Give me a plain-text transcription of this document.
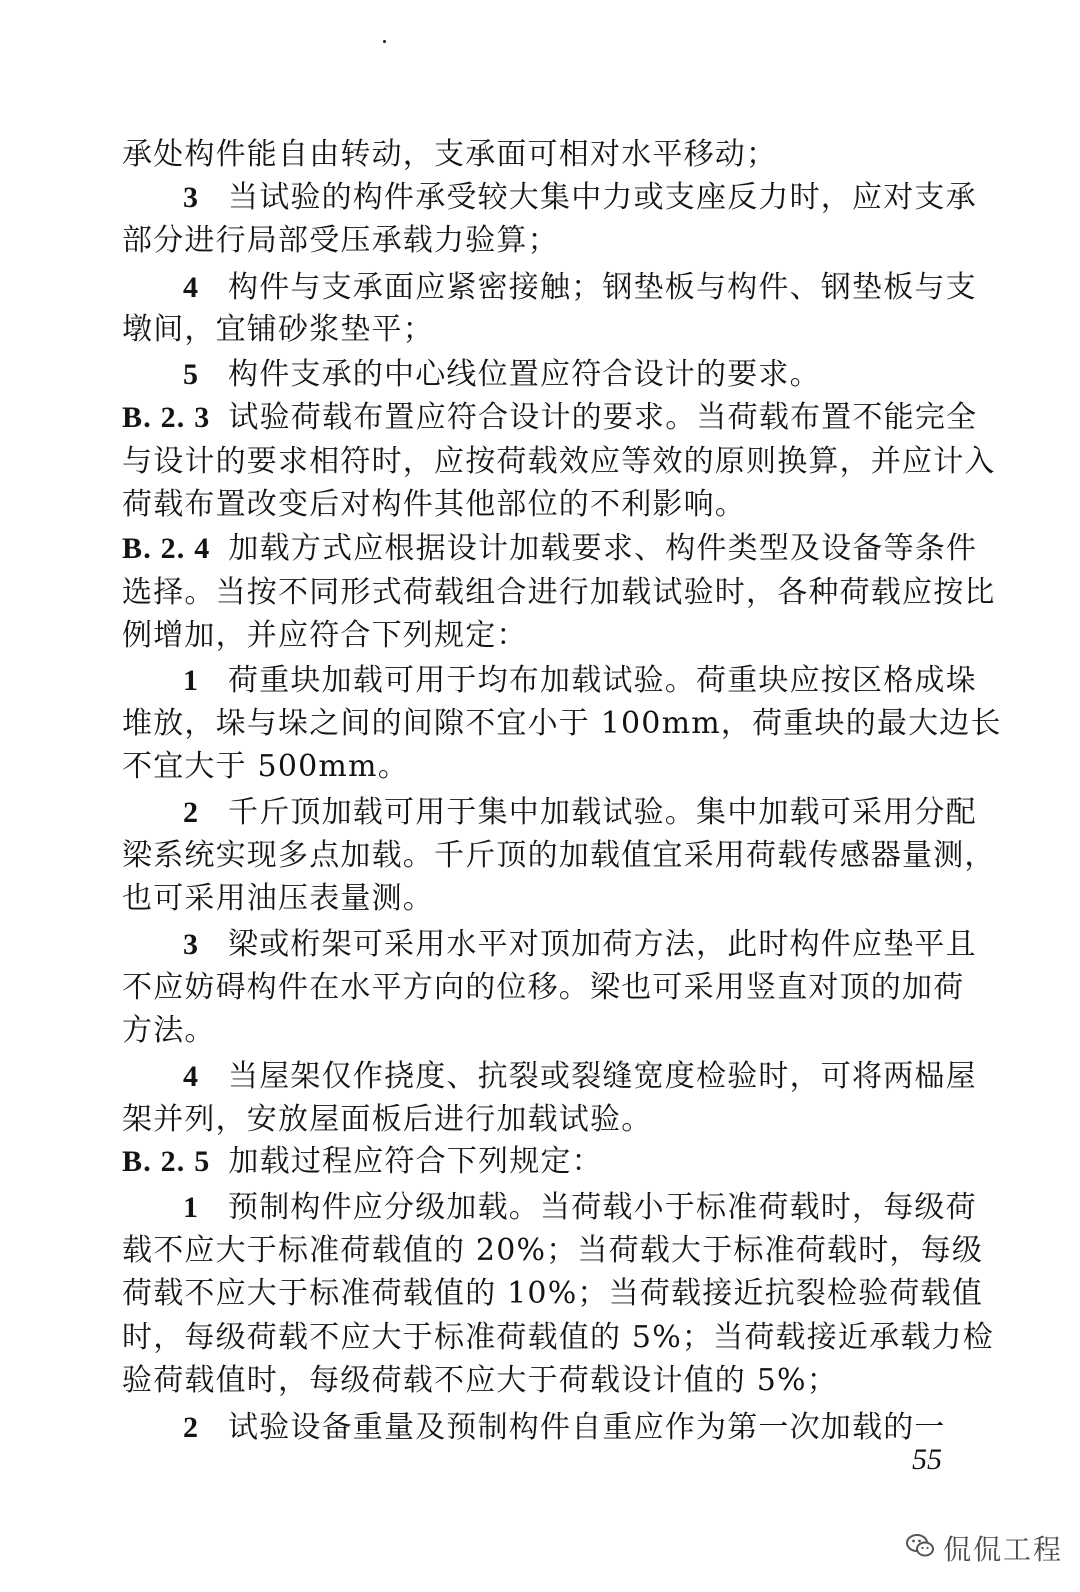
承处构件能自由转动，支承面可相对水平移动；
3 当试验的构件承受较大集中力或支座反力时，应对支承
部分进行局部受压承载力验算；
4 构件与支承面应紧密接触；钢垫板与构件、钢垫板与支
墩间，宜铺砂浆垫平；
5 构件支承的中心线位置应符合设计的要求。
B. 2. 3 试验荷载布置应符合设计的要求。当荷载布置不能完全
与设计的要求相符时，应按荷载效应等效的原则换算，并应计入
荷载布置改变后对构件其他部位的不利影响。
B. 2. 4 加载方式应根据设计加载要求、构件类型及设备等条件
选择。当按不同形式荷载组合进行加载试验时，各种荷载应按比
例增加，并应符合下列规定：
1 荷重块加载可用于均布加载试验。荷重块应按区格成垛
堆放，垛与垛之间的间隙不宜小于 100mm，荷重块的最大边长
不宜大于 500mm。
2 千斤顶加载可用于集中加载试验。集中加载可采用分配
梁系统实现多点加载。千斤顶的加载值宜采用荷载传感器量测，
也可采用油压表量测。
3 梁或桁架可采用水平对顶加荷方法，此时构件应垫平且
不应妨碍构件在水平方向的位移。梁也可采用竖直对顶的加荷
方法。
4 当屋架仅作挠度、抗裂或裂缝宽度检验时，可将两榀屋
架并列，安放屋面板后进行加载试验。
B. 2. 5 加载过程应符合下列规定：
1 预制构件应分级加载。当荷载小于标准荷载时，每级荷
载不应大于标准荷载值的 20%；当荷载大于标准荷载时，每级
荷载不应大于标准荷载值的 10%；当荷载接近抗裂检验荷载值
时，每级荷载不应大于标准荷载值的 5%；当荷载接近承载力检
验荷载值时，每级荷载不应大于荷载设计值的 5%；
2 试验设备重量及预制构件自重应作为第一次加载的一
55
侃侃工程
